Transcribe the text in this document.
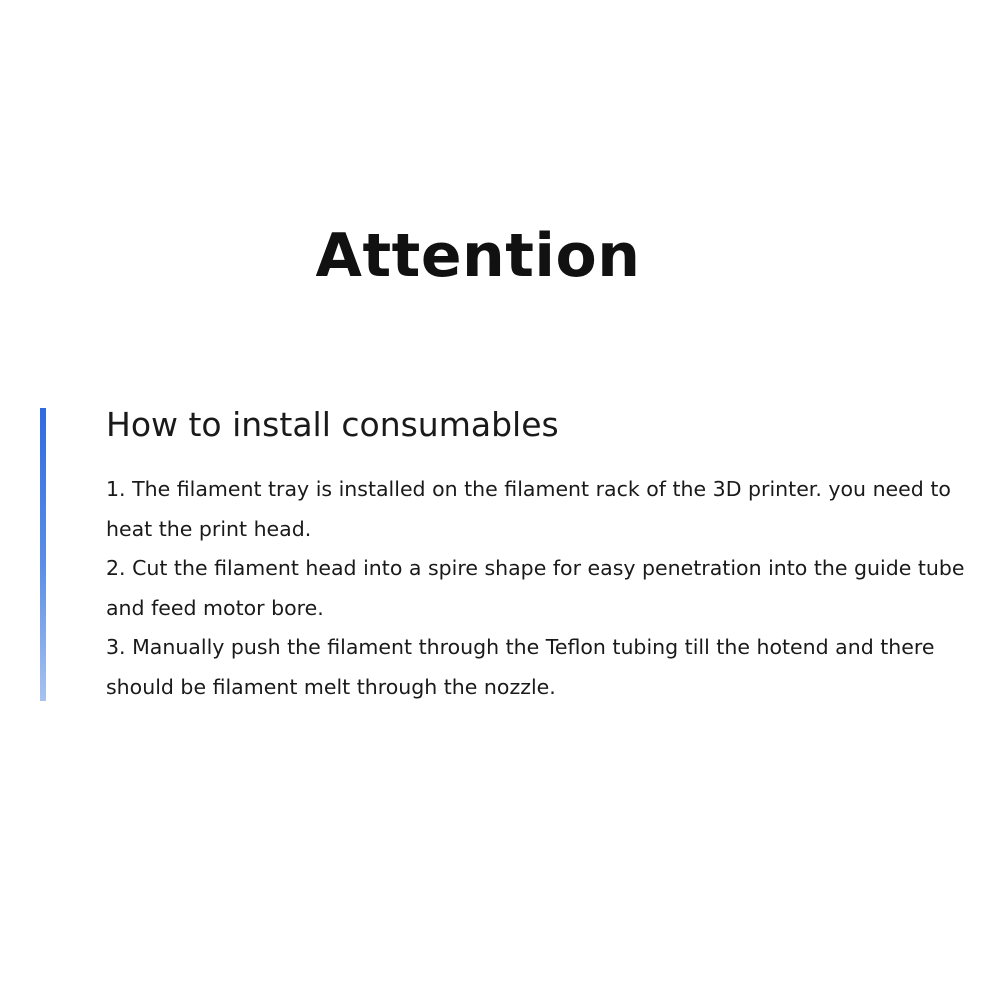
Attention
How to install consumables
1. The filament tray is installed on the filament rack of the 3D printer. you need to heat the print head.
2. Cut the filament head into a spire shape for easy penetration into the guide tube and feed motor bore.
3. Manually push the filament through the Teflon tubing till the hotend and there should be filament melt through the nozzle.
